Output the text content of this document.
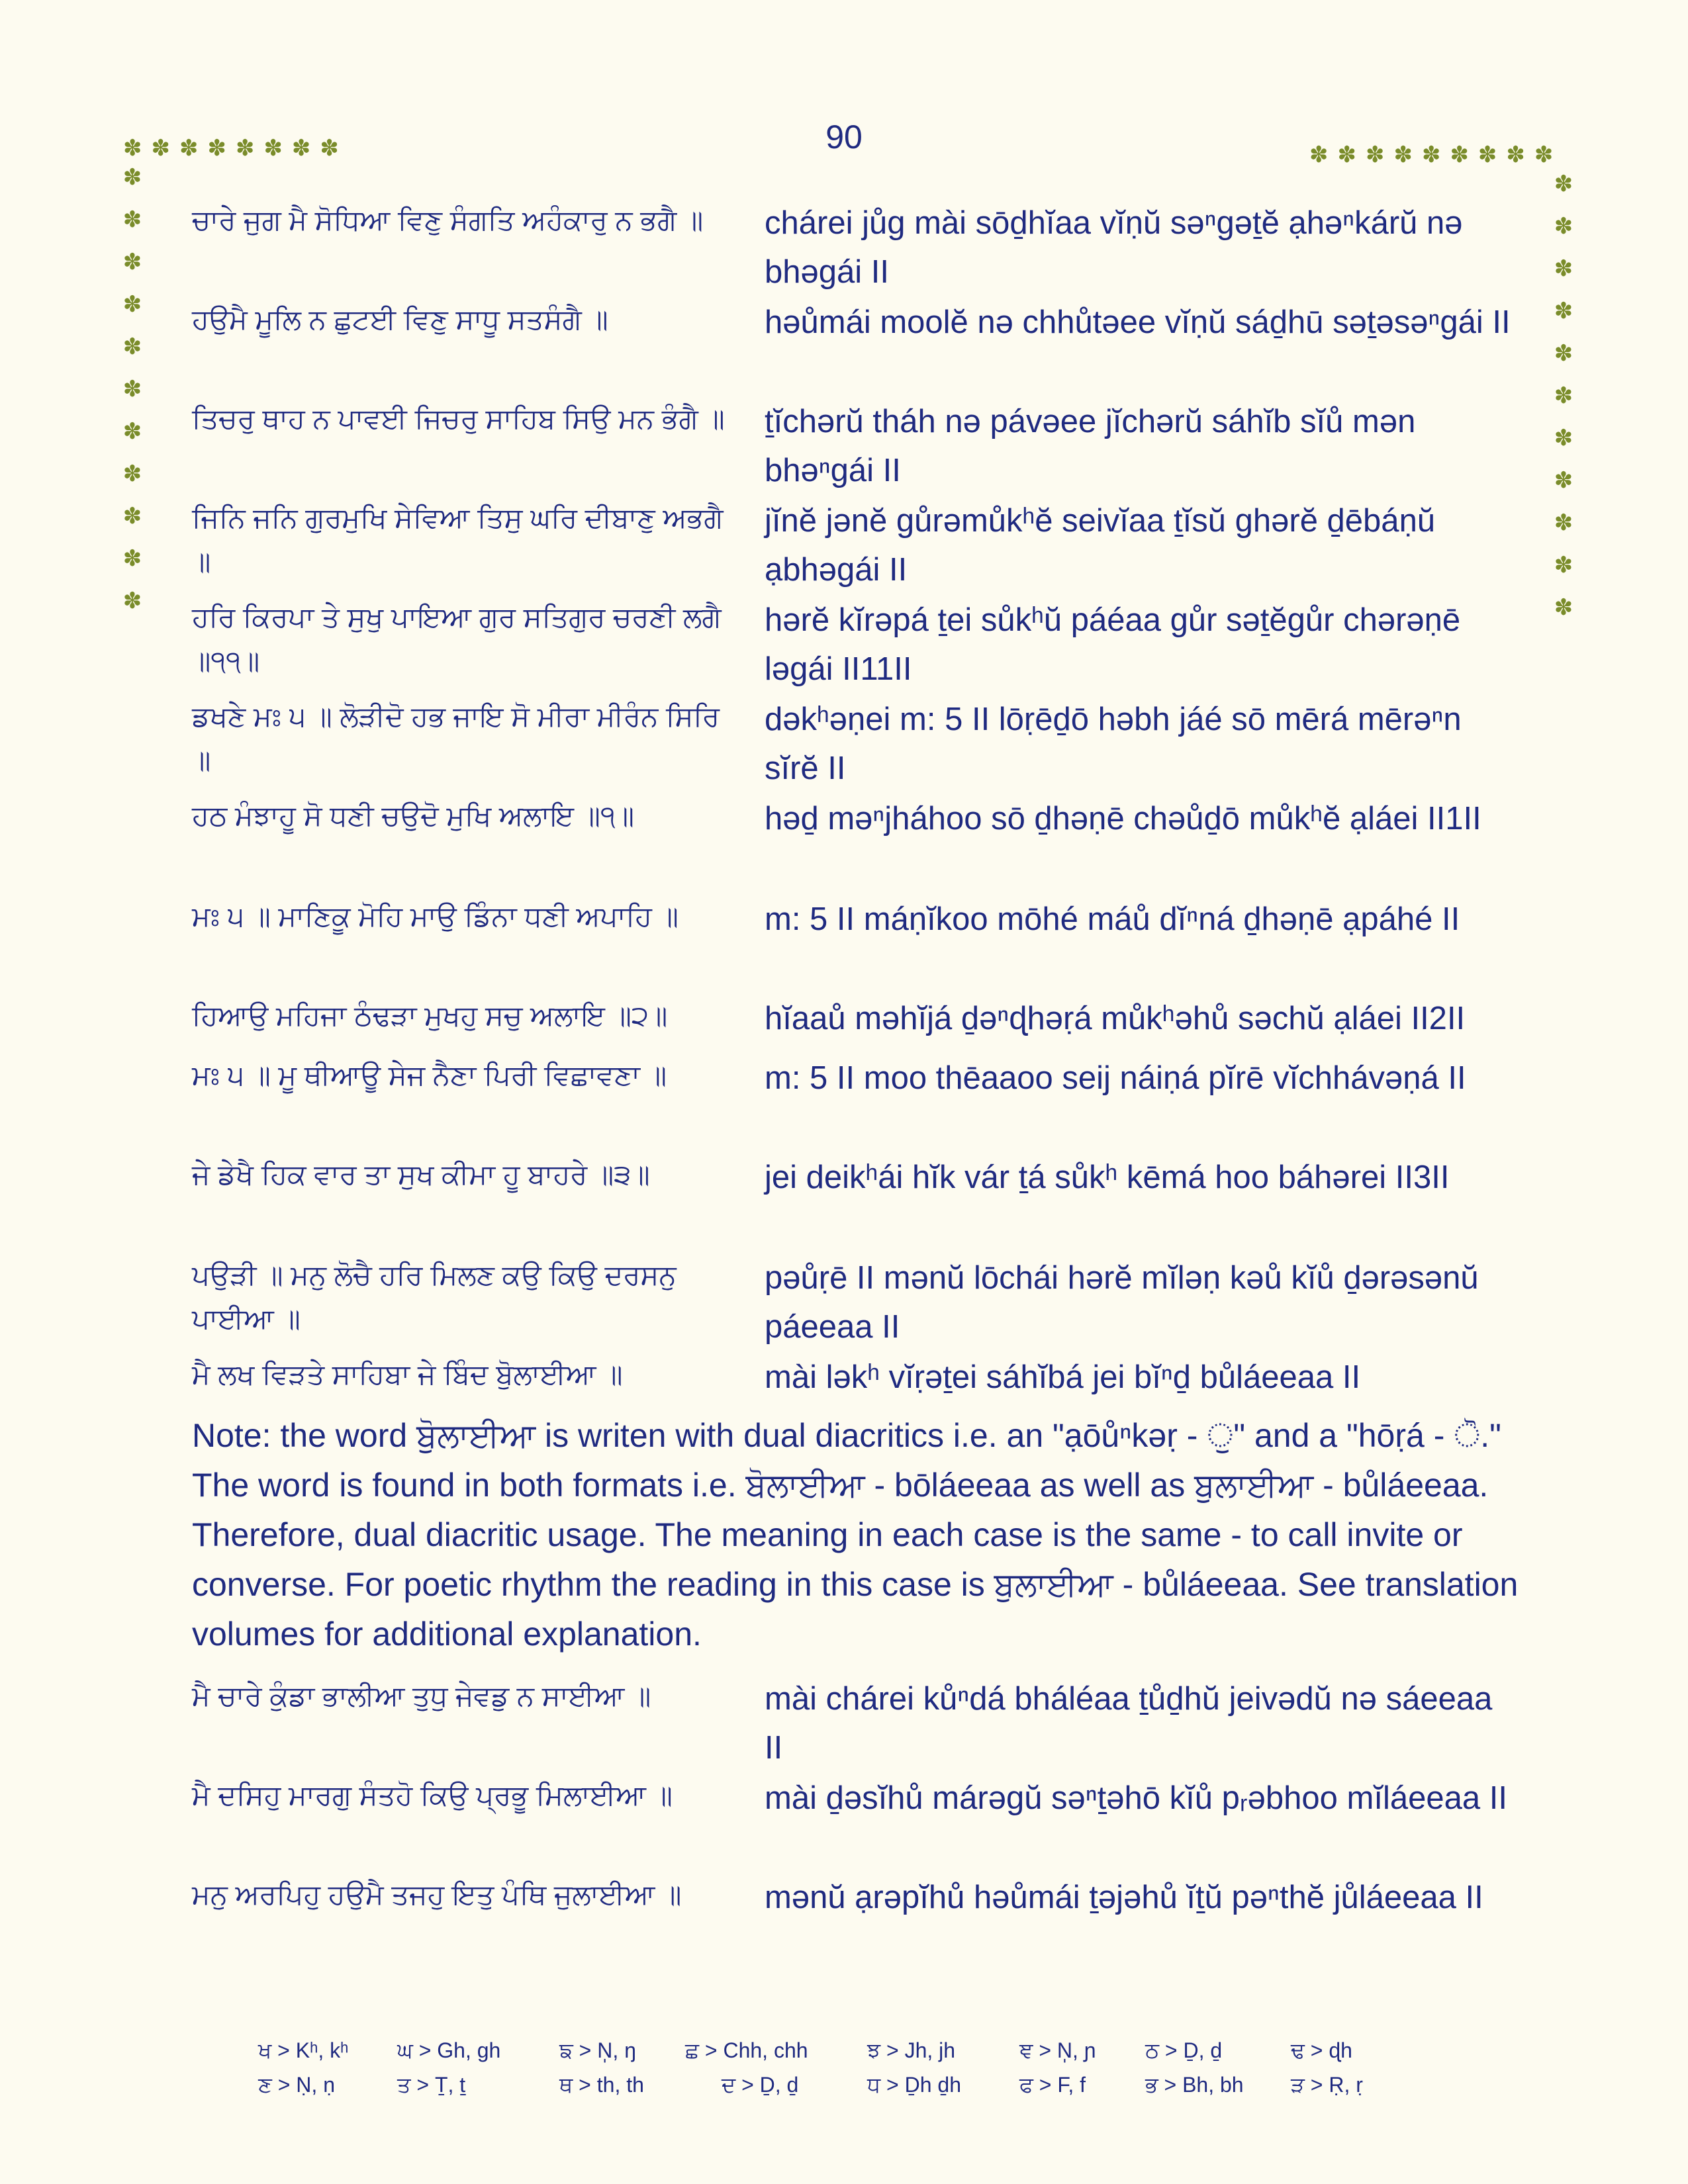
90
✽✽✽✽✽✽✽✽	✽✽✽✽✽✽✽✽✽
✽
✽
✽
✽
✽
✽
✽
✽
✽
✽
✽
✽
✽
✽
✽
✽
✽
✽
✽
✽
✽
✽
ਚਾਰੇ ਜੁਗ ਮੈ ਸੋਧਿਆ ਵਿਣੁ ਸੰਗਤਿ ਅਹੰਕਾਰੁ ਨ ਭਗੈ ॥	chárei jůg mài sōḏhĭaa vĭṇŭ səⁿgəṯĕ ạhəⁿkárŭ nə bhəgái II
ਹਉਮੈ ਮੂਲਿ ਨ ਛੁਟਈ ਵਿਣੁ ਸਾਧੂ ਸਤਸੰਗੈ ॥	həůmái moolĕ nə chhůtəee vĭṇŭ sáḏhū səṯəsəⁿgái II
ਤਿਚਰੁ ਥਾਹ ਨ ਪਾਵਈ ਜਿਚਰੁ ਸਾਹਿਬ ਸਿਉ ਮਨ ਭੰਗੈ ॥ ṯĭchərŭ tháh nə pávəee jĭchərŭ sáhĭb sĭů mən bhəⁿgái II
ਜਿਨਿ ਜਨਿ ਗੁਰਮੁਖਿ ਸੇਵਿਆ ਤਿਸੁ ਘਰਿ ਦੀਬਾਣੁ ਅਭਗੈ ॥
jĭnĕ jənĕ gůrəmůkʰĕ seivĭaa ṯĭsŭ ghərĕ ḏēbáṇŭ ạbhəgái II
ਹਰਿ ਕਿਰਪਾ ਤੇ ਸੁਖੁ ਪਾਇਆ ਗੁਰ ਸਤਿਗੁਰ ਚਰਣੀ ਲਗੈ ॥੧੧॥
hərĕ kĭrəpá ṯei sůkʰŭ páéaa gůr səṯĕgůr chərəṇē ləgái II11II
ਡਖਣੇ ਮਃ ੫ ॥ ਲੋੜੀਦੋ ਹਭ ਜਾਇ ਸੋ ਮੀਰਾ ਮੀਰੰਨ ਸਿਰਿ ॥
dəkʰəṇei m: 5 II lōṛēḏō həbh jáé sō mērá mērəⁿn sĭrĕ II
ਹਠ ਮੰਝਾਹੂ ਸੋ ਧਣੀ ਚਉਦੋ ਮੁਖਿ ਅਲਾਇ ॥੧॥	həḏ məⁿjháhoo sō ḏhəṇē chəůḏō můkʰĕ ạláei II1II
ਮਃ ੫ ॥ ਮਾਣਿਕੂ ਮੋਹਿ ਮਾਉ ਡਿੰਨਾ ਧਣੀ ਅਪਾਹਿ ॥	m: 5 II máṇĭkoo mōhé máů dĭⁿná ḏhəṇē ạpáhé II
ਹਿਆਉ ਮਹਿਜਾ ਠੰਢੜਾ ਮੁਖਹੁ ਸਚੁ ਅਲਾਇ ॥੨॥	hĭaaů məhĭjá ḏəⁿɖhəṛá můkʰəhů səchŭ ạláei II2II
ਮਃ ੫ ॥ ਮੂ ਥੀਆਊ ਸੇਜ ਨੈਣਾ ਪਿਰੀ ਵਿਛਾਵਣਾ ॥	m: 5 II moo thēaaoo seij náiṇá pĭrē vĭchhávəṇá II
ਜੇ ਡੇਖੈ ਹਿਕ ਵਾਰ ਤਾ ਸੁਖ ਕੀਮਾ ਹੂ ਬਾਹਰੇ ॥੩॥	jei deikʰái hĭk vár ṯá sůkʰ kēmá hoo báhərei II3II
ਪਉੜੀ ॥ ਮਨੁ ਲੋਚੈ ਹਰਿ ਮਿਲਣ ਕਉ ਕਿਉ ਦਰਸਨੁ ਪਾਈਆ ॥
pəůṛē II mənŭ lōchái hərĕ mĭləṇ kəů kĭů ḏərəsənŭ páeeaa II
ਮੈ ਲਖ ਵਿੜਤੇ ਸਾਹਿਬਾ ਜੇ ਬਿੰਦ ਬੁੋਲਾਈਆ ॥	mài ləkʰ vĭṛəṯei sáhĭbá jei bĭⁿḏ bůláeeaa II
Note: the word ਬੁੋਲਾਈਆ is writen with dual diacritics i.e. an "ạōůⁿkəṛ - ੁ" and a "hōṛá - ੋ." The word is found in both formats i.e. ਬੋਲਾਈਆ - bōláeeaa as well as ਬੁਲਾਈਆ - bůláeeaa. Therefore, dual diacritic usage. The meaning in each case is the same - to call invite or converse. For poetic rhythm the reading in this case is ਬੁਲਾਈਆ - bůláeeaa. See translation volumes for additional explanation.
ਮੈ ਚਾਰੇ ਕੁੰਡਾ ਭਾਲੀਆ ਤੁਧੁ ਜੇਵਡੁ ਨ ਸਾਈਆ ॥	mài chárei kůⁿdá bháléaa ṯůḏhŭ jeivədŭ nə sáeeaa II
ਮੈ ਦਸਿਹੁ ਮਾਰਗੁ ਸੰਤਹੋ ਕਿਉ ਪ੍ਰਭੂ ਮਿਲਾਈਆ ॥	mài ḏəsĭhů márəgŭ səⁿṯəhō kĭů pᵣəbhoo mĭláeeaa II
ਮਨੁ ਅਰਪਿਹੁ ਹਉਮੈ ਤਜਹੁ ਇਤੁ ਪੰਥਿ ਜੁਲਾਈਆ ॥	mənŭ ạrəpĭhů həůmái ṯəjəhů ĭṯŭ pəⁿthĕ jůláeeaa II
ਖ > Kʰ, kʰ ਘ > Gh, gh	ਙ > N̩, ŋ ਛ > Chh, chh	ਝ > Jh, jh	ਞ > N̩, ɲ ਠ > Ḏ, ḏ	ਢ > ɖh
ਣ > Ṇ, ṇ	ਤ > Ṯ, ṯ	ਥ > th, th	ਦ > Ḏ, ḏ	ਧ > Ḏh ḏh	ਫ > F, f	ਭ > Bh, bh ੜ > Ṛ, ṛ
